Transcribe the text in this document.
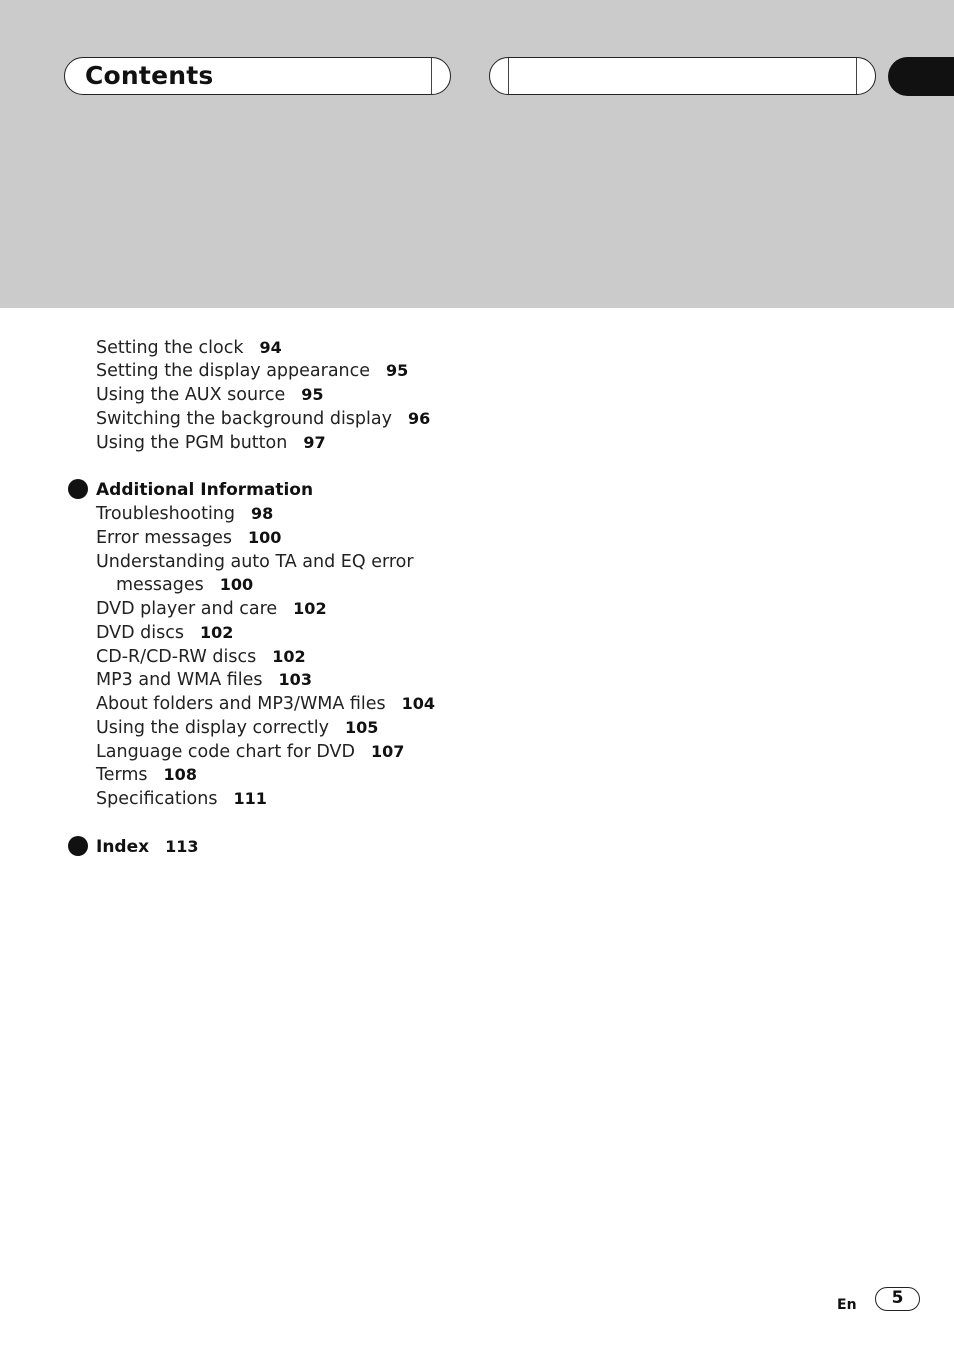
Contents
Setting the clock 94
Setting the display appearance 95
Using the AUX source 95
Switching the background display 96
Using the PGM button 97
Additional Information
Troubleshooting 98
Error messages 100
Understanding auto TA and EQ error
messages 100
DVD player and care 102
DVD discs 102
CD-R/CD-RW discs 102
MP3 and WMA files 103
About folders and MP3/WMA files 104
Using the display correctly 105
Language code chart for DVD 107
Terms 108
Specifications 111
Index 113
En	5
